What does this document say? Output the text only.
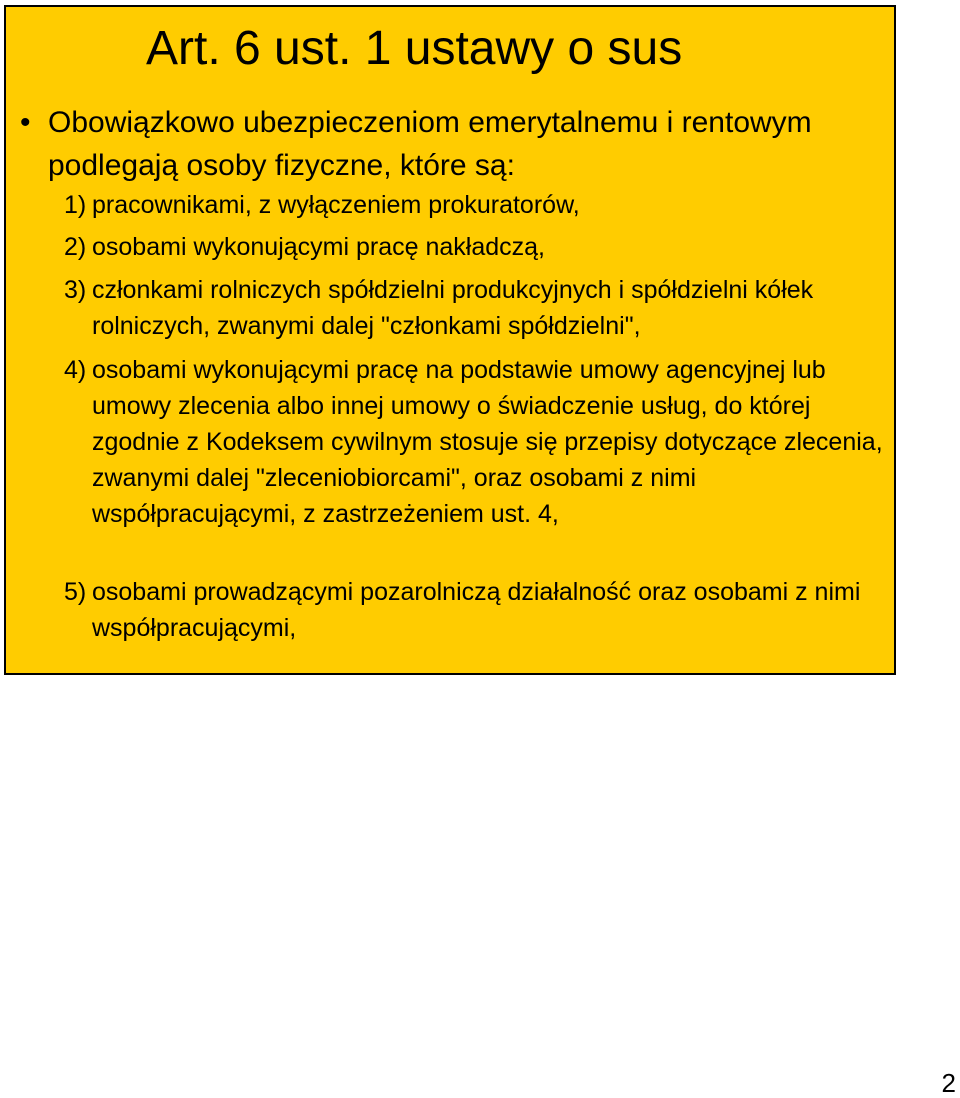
Art. 6 ust. 1 ustawy o sus
• Obowiązkowo ubezpieczeniom emerytalnemu i rentowym podlegają osoby fizyczne, które są:
1) pracownikami, z wyłączeniem prokuratorów,
2) osobami wykonującymi pracę nakładczą,
3) członkami rolniczych spółdzielni produkcyjnych i spółdzielni kółek rolniczych, zwanymi dalej "członkami spółdzielni",
4) osobami wykonującymi pracę na podstawie umowy agencyjnej lub umowy zlecenia albo innej umowy o świadczenie usług, do której zgodnie z Kodeksem cywilnym stosuje się przepisy dotyczące zlecenia, zwanymi dalej "zleceniobiorcami", oraz osobami z nimi współpracującymi, z zastrzeżeniem ust. 4,
5) osobami prowadzącymi pozarolniczą działalność oraz osobami z nimi współpracującymi,
2
